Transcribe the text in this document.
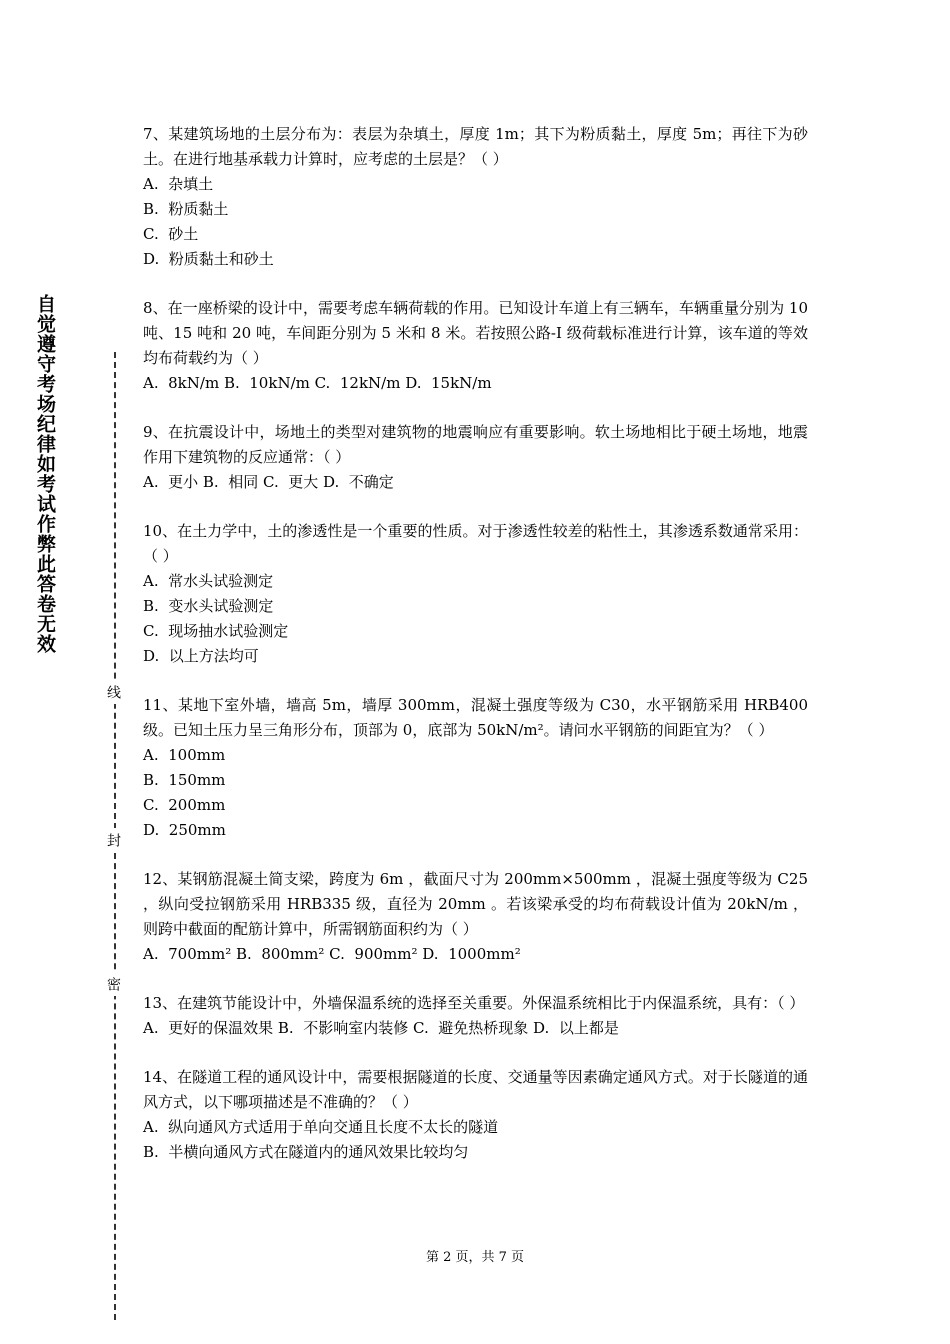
自觉遵守考场纪律如考试作弊此答卷无效
线
封
密

7、某建筑场地的土层分布为：表层为杂填土，厚度 1m；其下为粉质黏土，厚度 5m；再往下为砂土。在进行地基承载力计算时，应考虑的土层是？（ ）

A.  杂填土

B.  粉质黏土

C.  砂土

D.  粉质黏土和砂土

8、在一座桥梁的设计中，需要考虑车辆荷载的作用。已知设计车道上有三辆车，车辆重量分别为 10 吨、15 吨和 20 吨，车间距分别为 5 米和 8 米。若按照公路-I 级荷载标准进行计算，该车道的等效均布荷载约为（ ）

A.  8kN/m B.  10kN/m C.  12kN/m D.  15kN/m

9、在抗震设计中，场地土的类型对建筑物的地震响应有重要影响。软土场地相比于硬土场地，地震作用下建筑物的反应通常：（ ）

A.  更小 B.  相同 C.  更大 D.  不确定

10、在土力学中，土的渗透性是一个重要的性质。对于渗透性较差的粘性土，其渗透系数通常采用：（ ）

A.  常水头试验测定

B.  变水头试验测定

C.  现场抽水试验测定

D.  以上方法均可

11、某地下室外墙，墙高 5m，墙厚 300mm，混凝土强度等级为 C30，水平钢筋采用 HRB400 级。已知土压力呈三角形分布，顶部为 0，底部为 50kN/m²。请问水平钢筋的间距宜为？（ ）

A.  100mm

B.  150mm

C.  200mm

D.  250mm

12、某钢筋混凝土简支梁，跨度为 6m ，截面尺寸为 200mm×500mm ，混凝土强度等级为 C25 ，纵向受拉钢筋采用 HRB335 级，直径为 20mm 。若该梁承受的均布荷载设计值为 20kN/m ，则跨中截面的配筋计算中，所需钢筋面积约为（ ）

A.  700mm² B.  800mm² C.  900mm² D.  1000mm²

13、在建筑节能设计中，外墙保温系统的选择至关重要。外保温系统相比于内保温系统，具有：（ ）

A.  更好的保温效果 B.  不影响室内装修 C.  避免热桥现象 D.  以上都是

14、在隧道工程的通风设计中，需要根据隧道的长度、交通量等因素确定通风方式。对于长隧道的通风方式，以下哪项描述是不准确的？（ ）

A.  纵向通风方式适用于单向交通且长度不太长的隧道

B.  半横向通风方式在隧道内的通风效果比较均匀

第 2 页，共 7 页
